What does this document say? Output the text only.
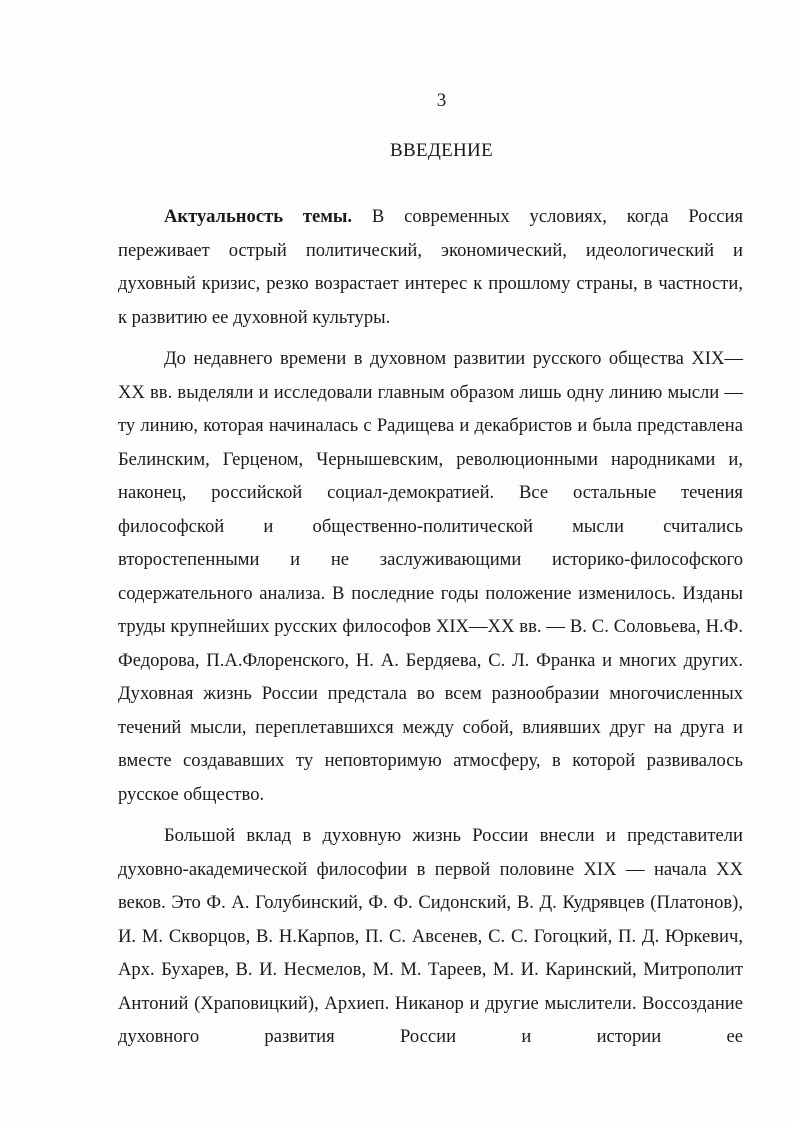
3
ВВЕДЕНИЕ

Актуальность темы. В современных условиях, когда Россия переживает острый политический, экономический, идеологический и духовный кризис, резко возрастает интерес к прошлому страны, в частности, к развитию ее духовной культуры.

До недавнего времени в духовном развитии русского общества XIX—XX вв. выделяли и исследовали главным образом лишь одну линию мысли — ту линию, которая начиналась с Радищева и декабристов и была представлена Белинским, Герценом, Чернышевским, революционными народниками и, наконец, российской социал-демократией. Все остальные течения философской и общественно-политической мысли считались второстепенными и не заслуживающими историко-философского содержательного анализа. В последние годы положение изменилось. Изданы труды крупнейших русских философов XIX—XX вв. — В. С. Соловьева, Н.Ф. Федорова, П.А.Флоренского, Н. А. Бердяева, С. Л. Франка и многих других. Духовная жизнь России предстала во всем разнообразии многочисленных течений мысли, переплетавшихся между собой, влиявших друг на друга и вместе создававших ту неповторимую атмосферу, в которой развивалось русское общество.

Большой вклад в духовную жизнь России внесли и представители духовно-академической философии в первой половине XIX — начала XX веков. Это Ф. А. Голубинский, Ф. Ф. Сидонский, В. Д. Кудрявцев (Платонов), И. М. Скворцов, В. Н.Карпов, П. С. Авсенев, С. С. Гогоцкий, П. Д. Юркевич, Арх. Бухарев, В. И. Несмелов, М. М. Тареев, М. И. Каринский, Митрополит Антоний (Храповицкий), Архиеп. Никанор и другие мыслители. Воссоздание духовного развития России и истории ее
